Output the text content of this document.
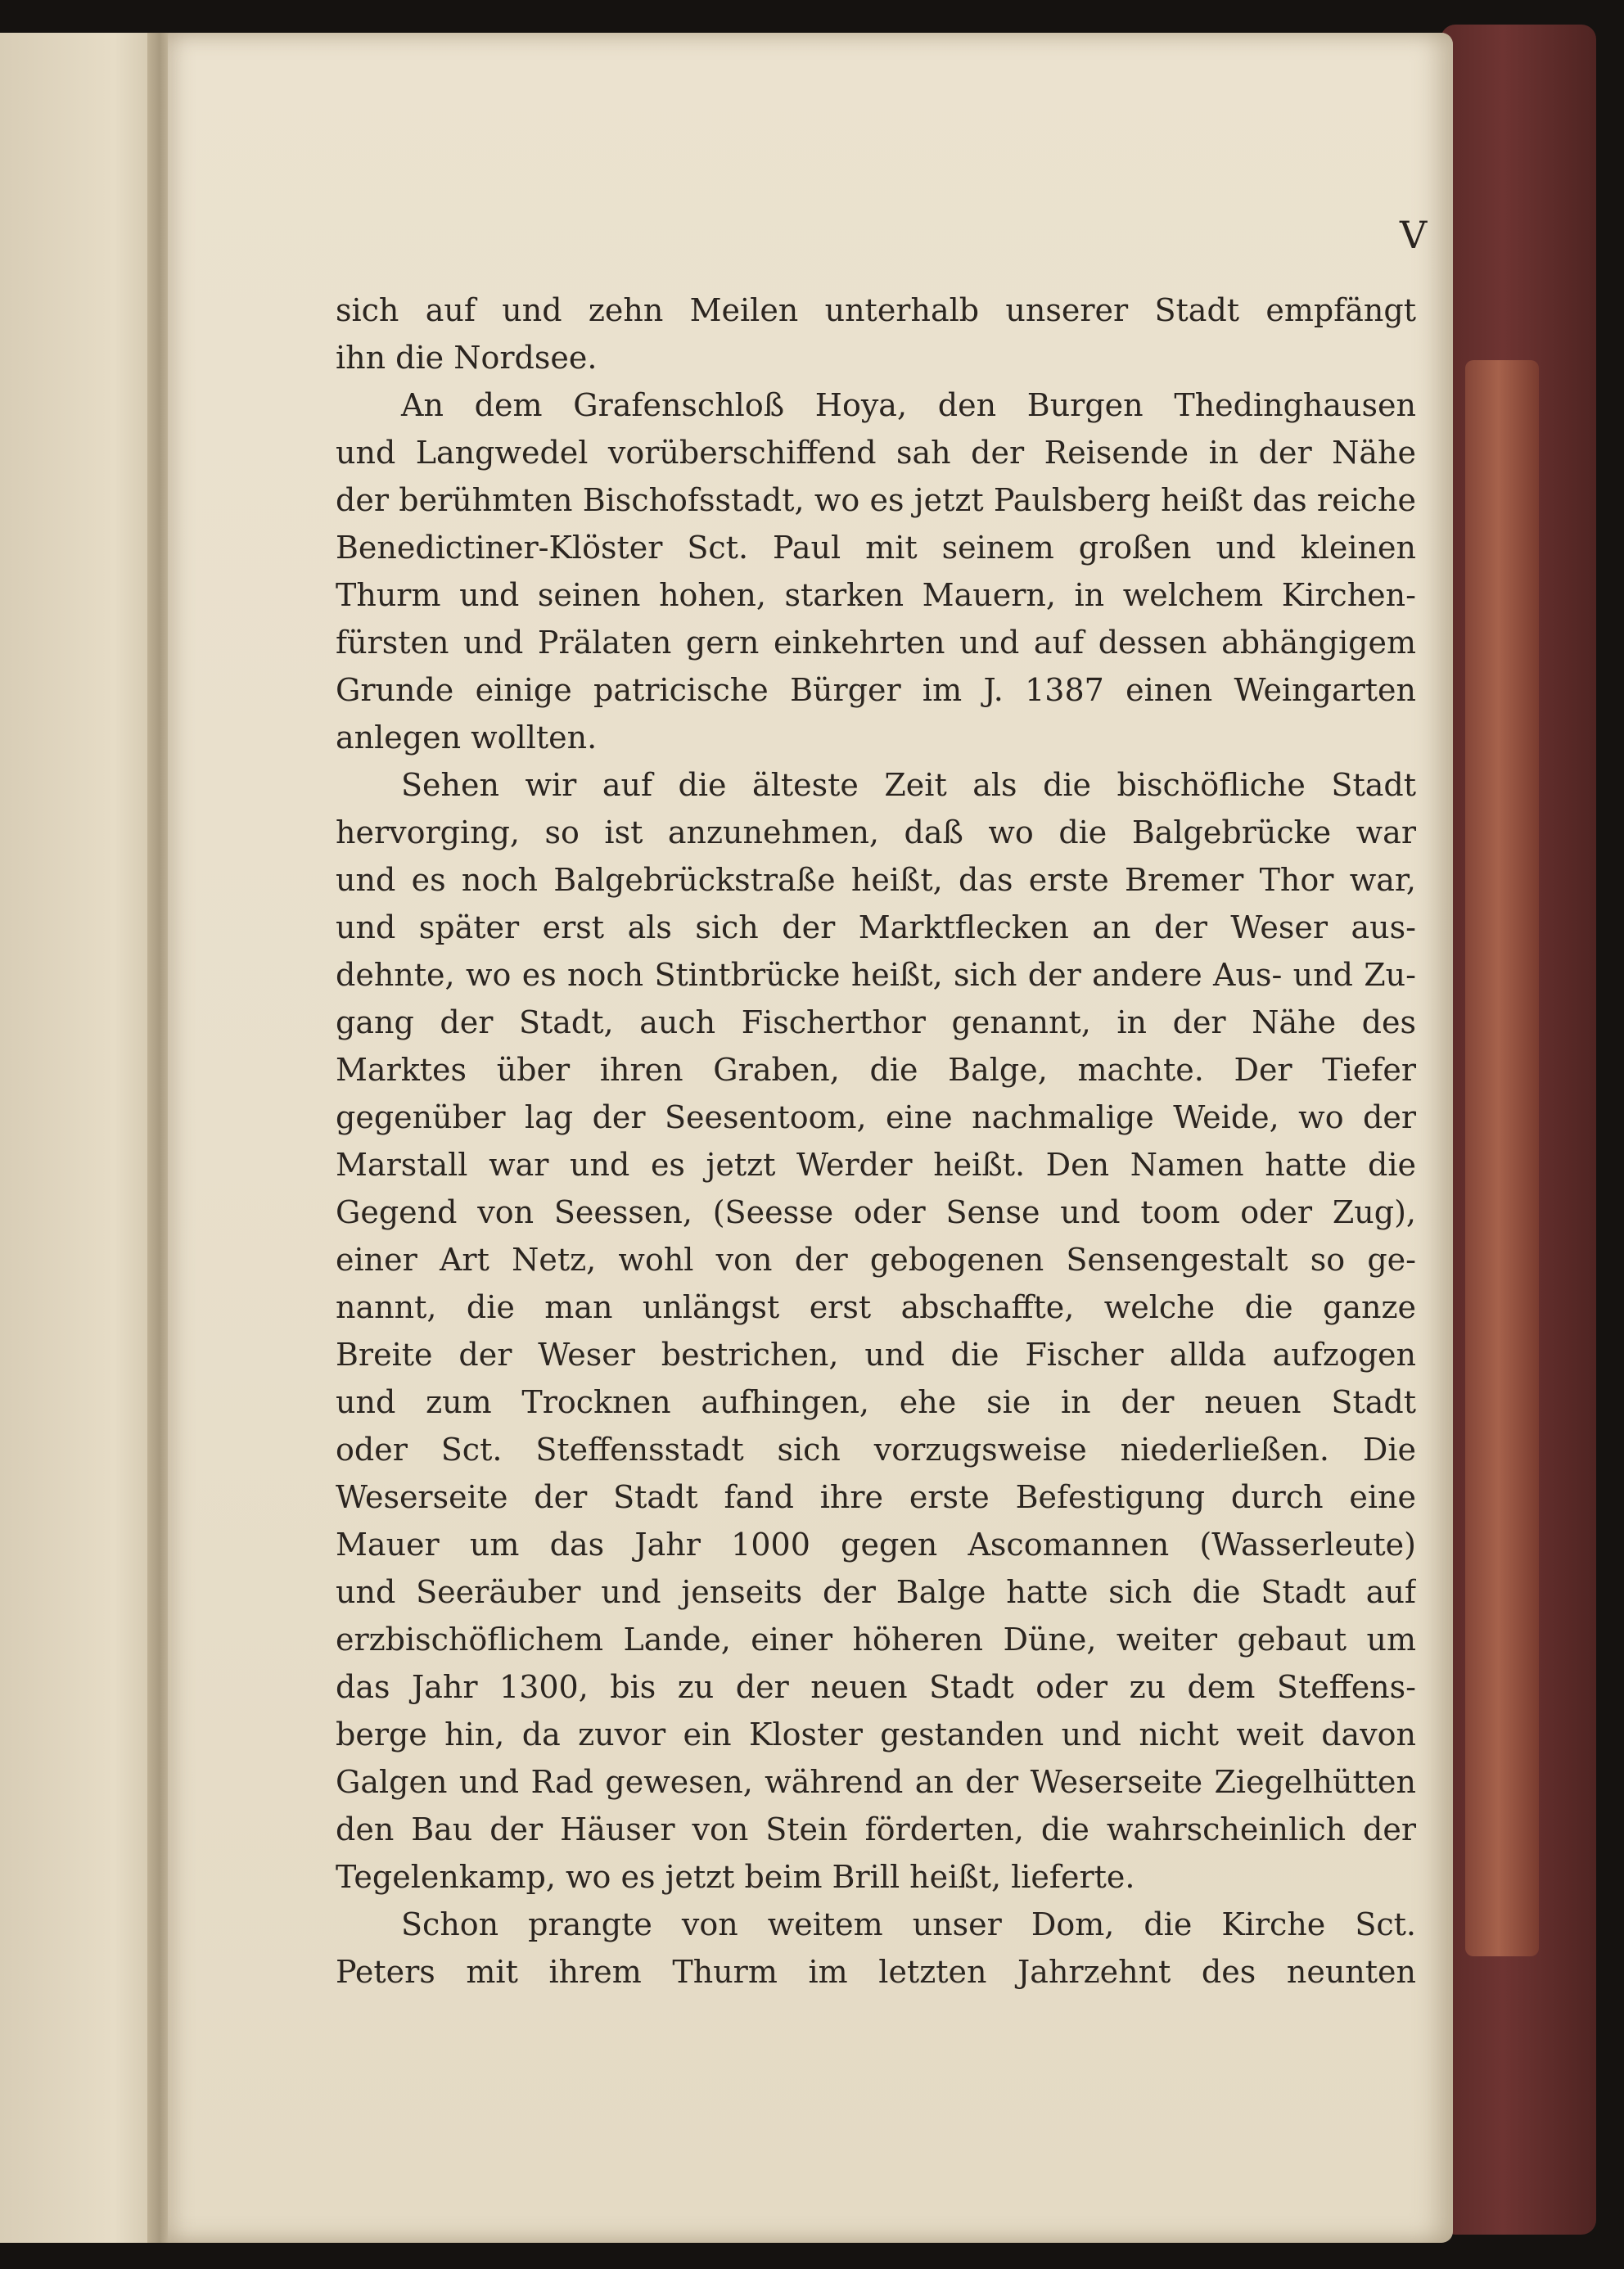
V
sich auf und zehn Meilen unterhalb unserer Stadt empfängt
ihn die Nordsee.
An dem Grafenschloß Hoya, den Burgen Thedinghausen
und Langwedel vorüberschiffend sah der Reisende in der Nähe
der berühmten Bischofsstadt, wo es jetzt Paulsberg heißt das reiche
Benedictiner-Klöster Sct. Paul mit seinem großen und kleinen
Thurm und seinen hohen, starken Mauern, in welchem Kirchen-
fürsten und Prälaten gern einkehrten und auf dessen abhängigem
Grunde einige patricische Bürger im J. 1387 einen Weingarten
anlegen wollten.
Sehen wir auf die älteste Zeit als die bischöfliche Stadt
hervorging, so ist anzunehmen, daß wo die Balgebrücke war
und es noch Balgebrückstraße heißt, das erste Bremer Thor war,
und später erst als sich der Marktflecken an der Weser aus-
dehnte, wo es noch Stintbrücke heißt, sich der andere Aus- und Zu-
gang der Stadt, auch Fischerthor genannt, in der Nähe des
Marktes über ihren Graben, die Balge, machte. Der Tiefer
gegenüber lag der Seesentoom, eine nachmalige Weide, wo der
Marstall war und es jetzt Werder heißt. Den Namen hatte die
Gegend von Seessen, (Seesse oder Sense und toom oder Zug),
einer Art Netz, wohl von der gebogenen Sensengestalt so ge-
nannt, die man unlängst erst abschaffte, welche die ganze
Breite der Weser bestrichen, und die Fischer allda aufzogen
und zum Trocknen aufhingen, ehe sie in der neuen Stadt
oder Sct. Steffensstadt sich vorzugsweise niederließen. Die
Weserseite der Stadt fand ihre erste Befestigung durch eine
Mauer um das Jahr 1000 gegen Ascomannen (Wasserleute)
und Seeräuber und jenseits der Balge hatte sich die Stadt auf
erzbischöflichem Lande, einer höheren Düne, weiter gebaut um
das Jahr 1300, bis zu der neuen Stadt oder zu dem Steffens-
berge hin, da zuvor ein Kloster gestanden und nicht weit davon
Galgen und Rad gewesen, während an der Weserseite Ziegelhütten
den Bau der Häuser von Stein förderten, die wahrscheinlich der
Tegelenkamp, wo es jetzt beim Brill heißt, lieferte.
Schon prangte von weitem unser Dom, die Kirche Sct.
Peters mit ihrem Thurm im letzten Jahrzehnt des neunten
